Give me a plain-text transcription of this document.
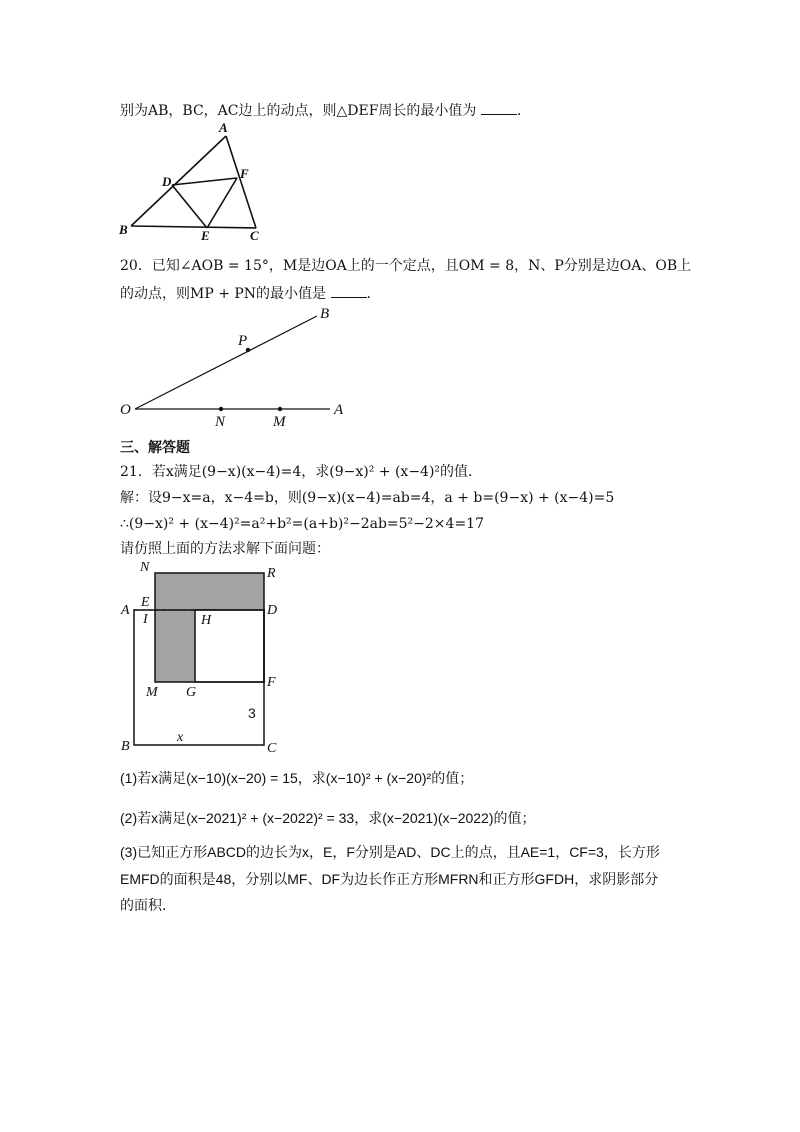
别为AB，BC，AC边上的动点，则△DEF周长的最小值为	.
A
B	C
D
E
F
20．已知∠AOB = 15°，M是边OA上的一个定点，且OM = 8，N、P分别是边OA、OB上
的动点，则MP + PN的最小值是	.
O	A
B
P
N	M
三、解答题
21．若x满足(9−x)(x−4)=4，求(9−x)² + (x−4)²的值．
解：设9−x=a，x−4=b，则(9−x)(x−4)=ab=4，a + b=(9−x) + (x−4)=5
∴(9−x)² + (x−4)²=a²+b²=(a+b)²−2ab=5²−2×4=17
请仿照上面的方法求解下面问题：
N	R
A
E
D
I	H
M G
F
B	C
x
3
(1)若x满足(x−10)(x−20) = 15，求(x−10)² + (x−20)²的值；
(2)若x满足(x−2021)² + (x−2022)² = 33，求(x−2021)(x−2022)的值；
(3)已知正方形ABCD的边长为x，E，F分别是AD、DC上的点，且AE=1，CF=3，长方形
EMFD的面积是48，分别以MF、DF为边长作正方形MFRN和正方形GFDH，求阴影部分
的面积．
